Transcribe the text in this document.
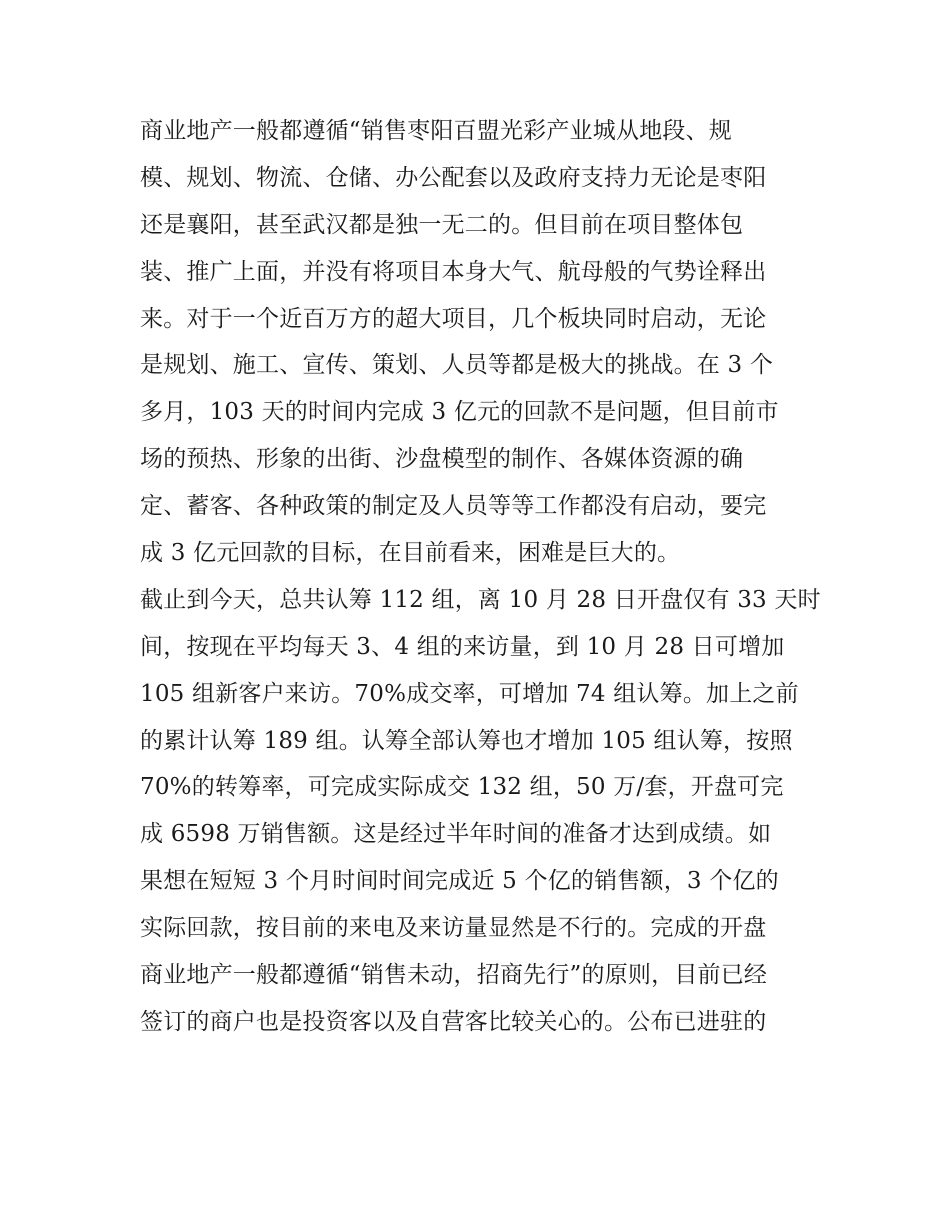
商业地产一般都遵循“销售枣阳百盟光彩产业城从地段、规
模、规划、物流、仓储、办公配套以及政府支持力无论是枣阳
还是襄阳，甚至武汉都是独一无二的。但目前在项目整体包
装、推广上面，并没有将项目本身大气、航母般的气势诠释出
来。对于一个近百万方的超大项目，几个板块同时启动，无论
是规划、施工、宣传、策划、人员等都是极大的挑战。在 3 个
多月，103 天的时间内完成 3 亿元的回款不是问题，但目前市
场的预热、形象的出街、沙盘模型的制作、各媒体资源的确
定、蓄客、各种政策的制定及人员等等工作都没有启动，要完
成 3 亿元回款的目标，在目前看来，困难是巨大的。
截止到今天，总共认筹 112 组，离 10 月 28 日开盘仅有 33 天时
间，按现在平均每天 3、4 组的来访量，到 10 月 28 日可增加
105 组新客户来访。70%成交率，可增加 74 组认筹。加上之前
的累计认筹 189 组。认筹全部认筹也才增加 105 组认筹，按照
70%的转筹率，可完成实际成交 132 组，50 万/套，开盘可完
成 6598 万销售额。这是经过半年时间的准备才达到成绩。如
果想在短短 3 个月时间时间完成近 5 个亿的销售额，3 个亿的
实际回款，按目前的来电及来访量显然是不行的。完成的开盘
商业地产一般都遵循“销售未动，招商先行”的原则，目前已经
签订的商户也是投资客以及自营客比较关心的。公布已进驻的
